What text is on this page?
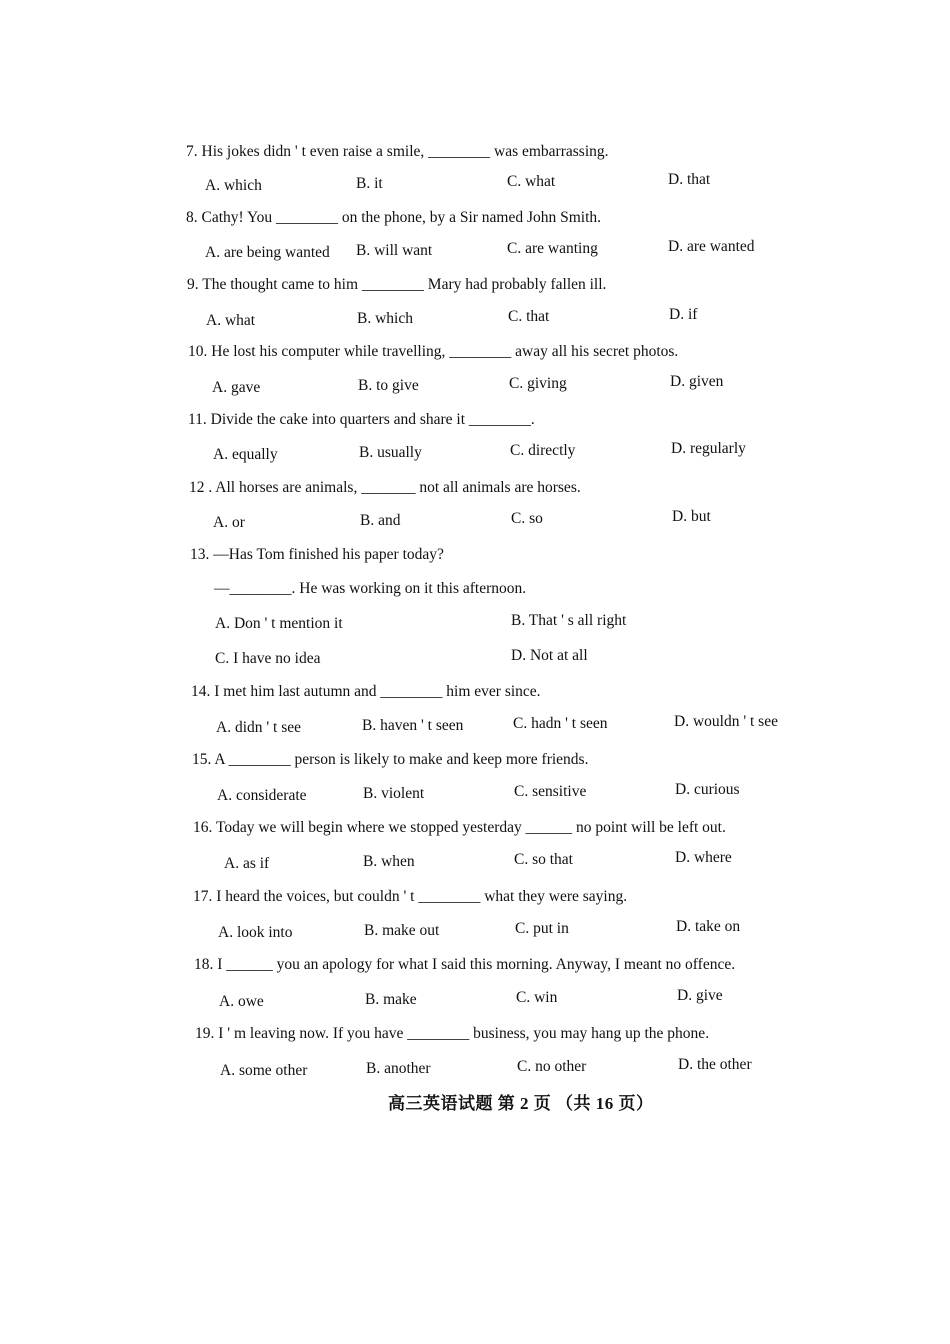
7. His jokes didn ' t even raise a smile, ________ was embarrassing.
A. which	B. it	C. what	D. that
8. Cathy! You ________ on the phone, by a Sir named John Smith.
A. are being wanted B. will want	C. are wanting	D. are wanted
9. The thought came to him ________ Mary had probably fallen ill.
A. what	B. which	C. that	D. if
10. He lost his computer while travelling, ________ away all his secret photos.
A. gave	B. to give	C. giving	D. given
11. Divide the cake into quarters and share it ________.
A. equally	B. usually	C. directly	D. regularly
12 . All horses are animals, _______ not all animals are horses.
A. or	B. and	C. so	D. but
13. —Has Tom finished his paper today?
—________. He was working on it this afternoon.
A. Don ' t mention it	B. That ' s all right
C. I have no idea	D. Not at all
14. I met him last autumn and ________ him ever since.
A. didn ' t see	B. haven ' t seen	C. hadn ' t seen	D. wouldn ' t see
15. A ________ person is likely to make and keep more friends.
A. considerate	B. violent	C. sensitive	D. curious
16. Today we will begin where we stopped yesterday ______ no point will be left out.
A. as if	B. when	C. so that	D. where
17. I heard the voices, but couldn ' t ________ what they were saying.
A. look into	B. make out	C. put in	D. take on
18. I ______ you an apology for what I said this morning. Anyway, I meant no offence.
A. owe	B. make	C. win	D. give
19. I ' m leaving now. If you have ________ business, you may hang up the phone.
A. some other	B. another	C. no other	D. the other
高三英语试题 第 2 页 （共 16 页）
